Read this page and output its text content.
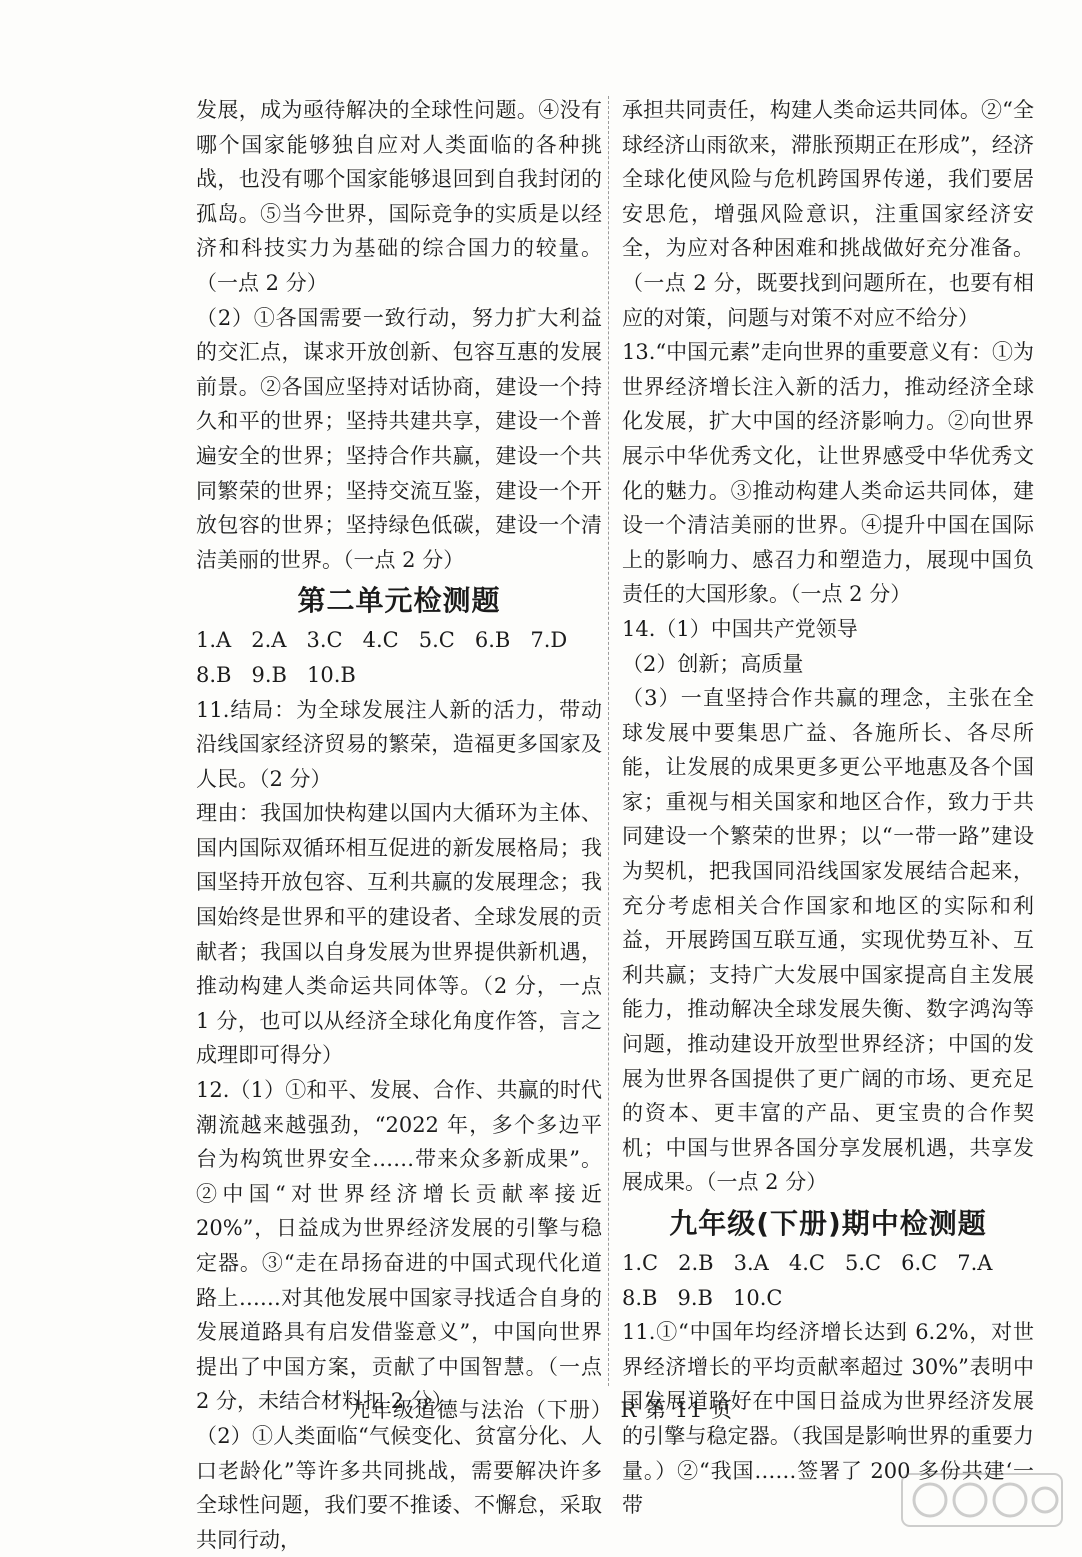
发展，成为亟待解决的全球性问题。④没有哪个国家能够独自应对人类面临的各种挑战，也没有哪个国家能够退回到自我封闭的孤岛。⑤当今世界，国际竞争的实质是以经济和科技实力为基础的综合国力的较量。（一点 2 分）

（2）①各国需要一致行动，努力扩大利益的交汇点，谋求开放创新、包容互惠的发展前景。②各国应坚持对话协商，建设一个持久和平的世界；坚持共建共享，建设一个普遍安全的世界；坚持合作共赢，建设一个共同繁荣的世界；坚持交流互鉴，建设一个开放包容的世界；坚持绿色低碳，建设一个清洁美丽的世界。（一点 2 分）

第二单元检测题
1.A   2.A   3.C   4.C   5.C   6.B   7.D
8.B   9.B   10.B

11.结局：为全球发展注人新的活力，带动沿线国家经济贸易的繁荣，造福更多国家及人民。（2 分）

理由：我国加快构建以国内大循环为主体、国内国际双循环相互促进的新发展格局；我国坚持开放包容、互利共赢的发展理念；我国始终是世界和平的建设者、全球发展的贡献者；我国以自身发展为世界提供新机遇，推动构建人类命运共同体等。（2 分，一点 1 分，也可以从经济全球化角度作答，言之成理即可得分）

12.（1）①和平、发展、合作、共赢的时代潮流越来越强劲，“2022 年，多个多边平台为构筑世界安全……带来众多新成果”。②中国“对世界经济增长贡献率接近 20%”，日益成为世界经济发展的引擎与稳定器。③“走在昂扬奋进的中国式现代化道路上……对其他发展中国家寻找适合自身的发展道路具有启发借鉴意义”，中国向世界提出了中国方案，贡献了中国智慧。（一点 2 分，未结合材料扣 2 分）

（2）①人类面临“气候变化、贫富分化、人口老龄化”等许多共同挑战，需要解决许多全球性问题，我们要不推诿、不懈怠，采取共同行动，

承担共同责任，构建人类命运共同体。②“全球经济山雨欲来，滞胀预期正在形成”，经济全球化使风险与危机跨国界传递，我们要居安思危，增强风险意识，注重国家经济安全，为应对各种困难和挑战做好充分准备。（一点 2 分，既要找到问题所在，也要有相应的对策，问题与对策不对应不给分）

13.“中国元素”走向世界的重要意义有：①为世界经济增长注入新的活力，推动经济全球化发展，扩大中国的经济影响力。②向世界展示中华优秀文化，让世界感受中华优秀文化的魅力。③推动构建人类命运共同体，建设一个清洁美丽的世界。④提升中国在国际上的影响力、感召力和塑造力，展现中国负责任的大国形象。（一点 2 分）

14.（1）中国共产党领导

（2）创新；高质量

（3）一直坚持合作共赢的理念，主张在全球发展中要集思广益、各施所长、各尽所能，让发展的成果更多更公平地惠及各个国家；重视与相关国家和地区合作，致力于共同建设一个繁荣的世界；以“一带一路”建设为契机，把我国同沿线国家发展结合起来，充分考虑相关合作国家和地区的实际和利益，开展跨国互联互通，实现优势互补、互利共赢；支持广大发展中国家提高自主发展能力，推动解决全球发展失衡、数字鸿沟等问题，推动建设开放型世界经济；中国的发展为世界各国提供了更广阔的市场、更充足的资本、更丰富的产品、更宝贵的合作契机；中国与世界各国分享发展机遇，共享发展成果。（一点 2 分）

九年级(下册)期中检测题
1.C   2.B   3.A   4.C   5.C   6.C   7.A
8.B   9.B   10.C

11.①“中国年均经济增长达到 6.2%，对世界经济增长的平均贡献率超过 30%”表明中国发展道路好在中国日益成为世界经济发展的引擎与稳定器。（我国是影响世界的重要力量。）②“我国……签署了 200 多份共建‘一带

九年级道德与法治（下册） R 第 11 页
